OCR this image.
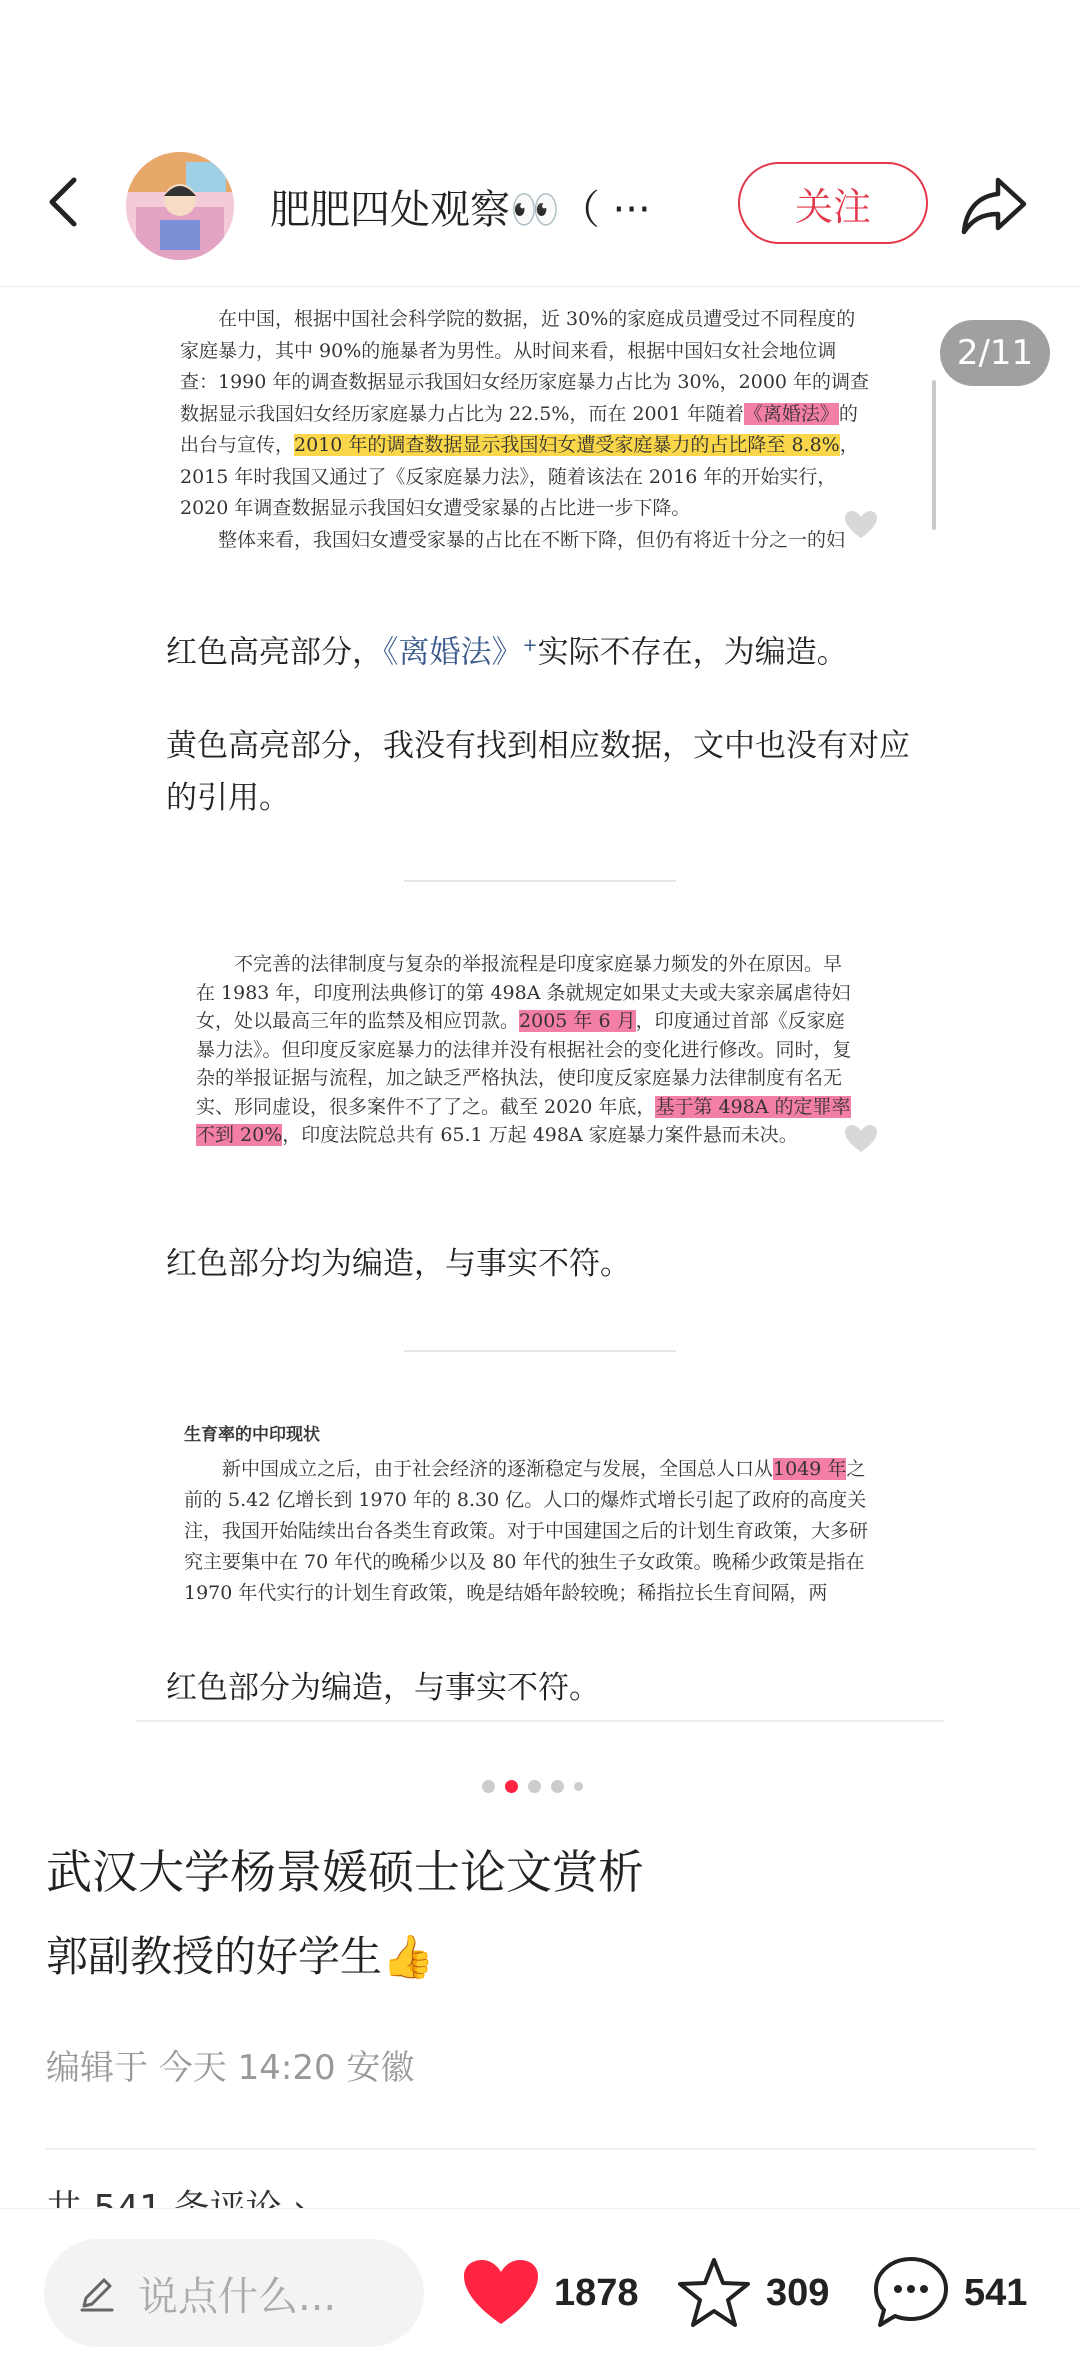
肥肥四处观察👀（ ···	关注
2/11

在中国，根据中国社会科学院的数据，近 30%的家庭成员遭受过不同程度的家庭暴力，其中 90%的施暴者为男性。从时间来看，根据中国妇女社会地位调查：1990 年的调查数据显示我国妇女经历家庭暴力占比为 30%，2000 年的调查数据显示我国妇女经历家庭暴力占比为 22.5%，而在 2001 年随着《离婚法》的出台与宣传，2010 年的调查数据显示我国妇女遭受家庭暴力的占比降至 8.8%，2015 年时我国又通过了《反家庭暴力法》，随着该法在 2016 年的开始实行，2020 年调查数据显示我国妇女遭受家暴的占比进一步下降。

整体来看，我国妇女遭受家暴的占比在不断下降，但仍有将近十分之一的妇

红色高亮部分，《离婚法》+实际不存在，为编造。
黄色高亮部分，我没有找到相应数据，文中也没有对应的引用。

不完善的法律制度与复杂的举报流程是印度家庭暴力频发的外在原因。早在 1983 年，印度刑法典修订的第 498A 条就规定如果丈夫或夫家亲属虐待妇女，处以最高三年的监禁及相应罚款。2005 年 6 月，印度通过首部《反家庭暴力法》。但印度反家庭暴力的法律并没有根据社会的变化进行修改。同时，复杂的举报证据与流程，加之缺乏严格执法，使印度反家庭暴力法律制度有名无实、形同虚设，很多案件不了了之。截至 2020 年底，基于第 498A 的定罪率不到 20%，印度法院总共有 65.1 万起 498A 家庭暴力案件悬而未决。

红色部分均为编造，与事实不符。

生育率的中印现状

新中国成立之后，由于社会经济的逐渐稳定与发展，全国总人口从1049 年之前的 5.42 亿增长到 1970 年的 8.30 亿。人口的爆炸式增长引起了政府的高度关注，我国开始陆续出台各类生育政策。对于中国建国之后的计划生育政策，大多研究主要集中在 70 年代的晚稀少以及 80 年代的独生子女政策。晚稀少政策是指在 1970 年代实行的计划生育政策，晚是结婚年龄较晚；稀指拉长生育间隔，两

红色部分为编造，与事实不符。
武汉大学杨景媛硕士论文赏析
郭副教授的好学生👍
编辑于 今天 14:20 安徽
说点什么...	1878	309	541
